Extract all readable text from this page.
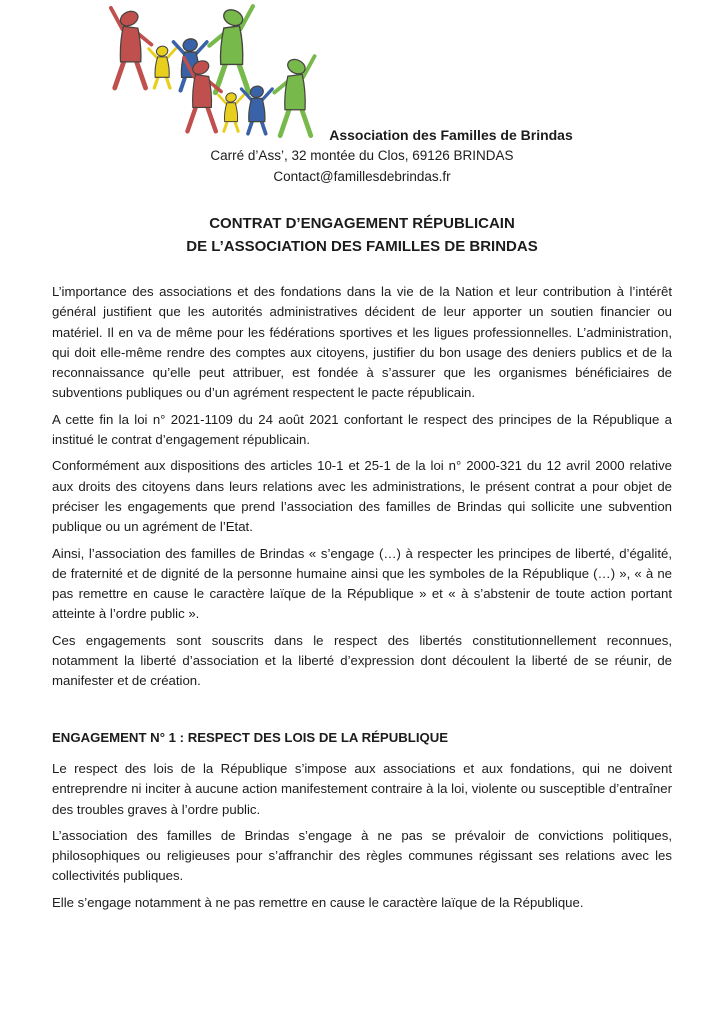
Association des Familles de Brindas
Carré d’Ass’, 32 montée du Clos, 69126 BRINDAS
Contact@famillesdebrindas.fr
CONTRAT D’ENGAGEMENT RÉPUBLICAIN
DE L’ASSOCIATION DES FAMILLES DE BRINDAS

L’importance des associations et des fondations dans la vie de la Nation et leur contribution à l’intérêt général justifient que les autorités administratives décident de leur apporter un soutien financier ou matériel. Il en va de même pour les fédérations sportives et les ligues professionnelles. L’administration, qui doit elle-même rendre des comptes aux citoyens, justifier du bon usage des deniers publics et de la reconnaissance qu’elle peut attribuer, est fondée à s’assurer que les organismes bénéficiaires de subventions publiques ou d’un agrément respectent le pacte républicain.

A cette fin la loi n° 2021-1109 du 24 août 2021 confortant le respect des principes de la République a institué le contrat d’engagement républicain.

Conformément aux dispositions des articles 10-1 et 25-1 de la loi n° 2000-321 du 12 avril 2000 relative aux droits des citoyens dans leurs relations avec les administrations, le présent contrat a pour objet de préciser les engagements que prend l’association des familles de Brindas qui sollicite une subvention publique ou un agrément de l’Etat.

Ainsi, l’association des familles de Brindas « s’engage (…) à respecter les principes de liberté, d’égalité, de fraternité et de dignité de la personne humaine ainsi que les symboles de la République (…) », « à ne pas remettre en cause le caractère laïque de la République » et « à s’abstenir de toute action portant atteinte à l’ordre public ».

Ces engagements sont souscrits dans le respect des libertés constitutionnellement reconnues, notamment la liberté d’association et la liberté d’expression dont découlent la liberté de se réunir, de manifester et de création.

ENGAGEMENT N° 1 : RESPECT DES LOIS DE LA RÉPUBLIQUE

Le respect des lois de la République s’impose aux associations et aux fondations, qui ne doivent entreprendre ni inciter à aucune action manifestement contraire à la loi, violente ou susceptible d’entraîner des troubles graves à l’ordre public.

L’association des familles de Brindas s’engage à ne pas se prévaloir de convictions politiques, philosophiques ou religieuses pour s’affranchir des règles communes régissant ses relations avec les collectivités publiques.

Elle s’engage notamment à ne pas remettre en cause le caractère laïque de la République.
